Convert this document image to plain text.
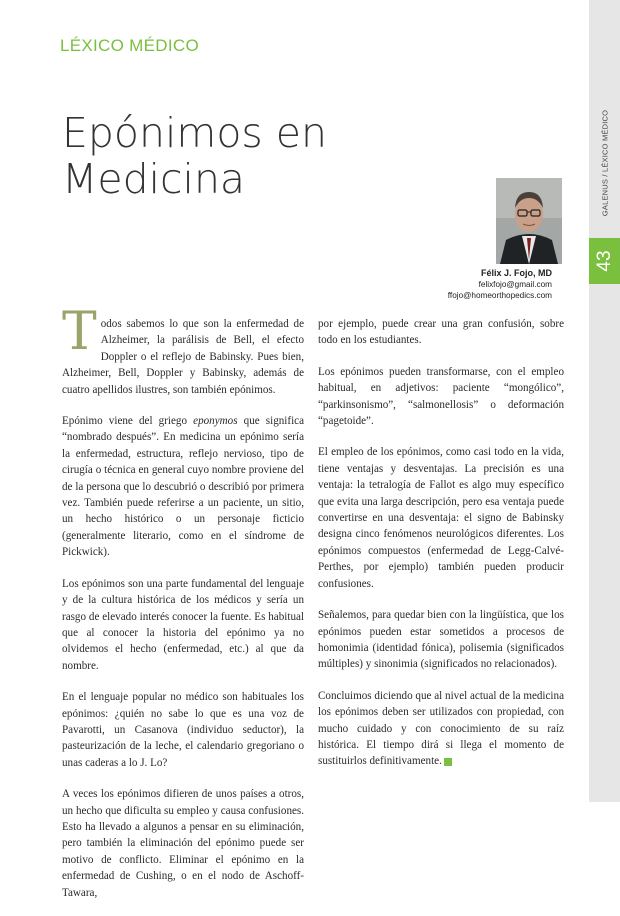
LÉXICO MÉDICO
Epónimos en
Medicina	GALENUS / LÉXICO MÉDICO
43
Félix J. Fojo, MD
felixfojo@gmail.com
ffojo@homeorthopedics.com

Todos sabemos lo que son la enfermedad de Alzheimer, la parálisis de Bell, el efecto Doppler o el reflejo de Babinsky. Pues bien, Alzheimer, Bell, Doppler y Babinsky, además de cuatro apellidos ilustres, son también epónimos.

Epónimo viene del griego eponymos que significa “nombrado después”. En medicina un epónimo sería la enfermedad, estructura, reflejo nervioso, tipo de cirugía o técnica en general cuyo nombre proviene del de la persona que lo descubrió o describió por primera vez. También puede referirse a un paciente, un sitio, un hecho histórico o un personaje ficticio (generalmente literario, como en el síndrome de Pickwick).

Los epónimos son una parte fundamental del lenguaje y de la cultura histórica de los médicos y sería un rasgo de elevado interés conocer la fuente. Es habitual que al conocer la historia del epónimo ya no olvidemos el hecho (enfermedad, etc.) al que da nombre.

En el lenguaje popular no médico son habituales los epónimos: ¿quién no sabe lo que es una voz de Pavarotti, un Casanova (individuo seductor), la pasteurización de la leche, el calendario gregoriano o unas caderas a lo J. Lo?

A veces los epónimos difieren de unos países a otros, un hecho que dificulta su empleo y causa confusiones. Esto ha llevado a algunos a pensar en su eliminación, pero también la eliminación del epónimo puede ser motivo de conflicto. Eliminar el epónimo en la enfermedad de Cushing, o en el nodo de Aschoff-Tawara,

por ejemplo, puede crear una gran confusión, sobre todo en los estudiantes.

Los epónimos pueden transformarse, con el empleo habitual, en adjetivos: paciente “mongólico”, “parkinsonismo”, “salmonellosis” o deformación “pagetoide”.

El empleo de los epónimos, como casi todo en la vida, tiene ventajas y desventajas. La precisión es una ventaja: la tetralogía de Fallot es algo muy específico que evita una larga descripción, pero esa ventaja puede convertirse en una desventaja: el signo de Babinsky designa cinco fenómenos neurológicos diferentes. Los epónimos compuestos (enfermedad de Legg-Calvé-Perthes, por ejemplo) también pueden producir confusiones.

Señalemos, para quedar bien con la lingüística, que los epónimos pueden estar sometidos a procesos de homonimia (identidad fónica), polisemia (significados múltiples) y sinonimia (significados no relacionados).

Concluimos diciendo que al nivel actual de la medicina los epónimos deben ser utilizados con propiedad, con mucho cuidado y con conocimiento de su raíz histórica. El tiempo dirá si llega el momento de sustituirlos definitivamente.
